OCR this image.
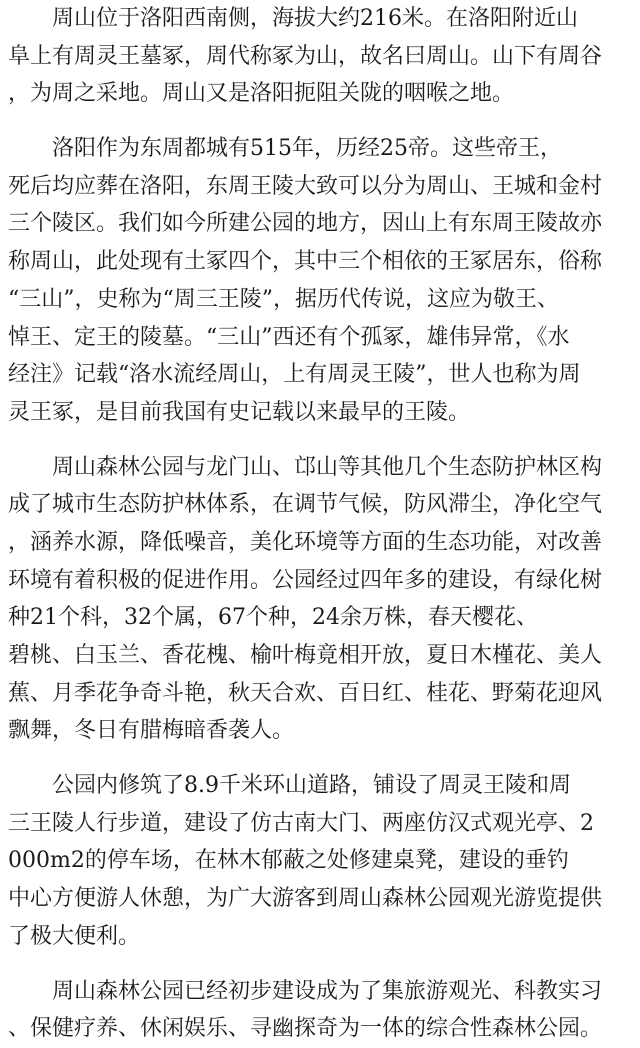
周山位于洛阳西南侧，海拔大约216米。在洛阳附近山
阜上有周灵王墓冢，周代称冢为山，故名曰周山。山下有周谷
，为周之采地。周山又是洛阳扼阻关陇的咽喉之地。
洛阳作为东周都城有515年，历经25帝。这些帝王，
死后均应葬在洛阳，东周王陵大致可以分为周山、王城和金村
三个陵区。我们如今所建公园的地方，因山上有东周王陵故亦
称周山，此处现有土冢四个，其中三个相依的王冢居东，俗称
“三山”，史称为“周三王陵”，据历代传说，这应为敬王、
悼王、定王的陵墓。“三山”西还有个孤冢，雄伟异常，《水
经注》记载“洛水流经周山，上有周灵王陵”，世人也称为周
灵王冢，是目前我国有史记载以来最早的王陵。
周山森林公园与龙门山、邙山等其他几个生态防护林区构
成了城市生态防护林体系，在调节气候，防风滞尘，净化空气
，涵养水源，降低噪音，美化环境等方面的生态功能，对改善
环境有着积极的促进作用。公园经过四年多的建设，有绿化树
种21个科，32个属，67个种，24余万株，春天樱花、
碧桃、白玉兰、香花槐、榆叶梅竟相开放，夏日木槿花、美人
蕉、月季花争奇斗艳，秋天合欢、百日红、桂花、野菊花迎风
飘舞，冬日有腊梅暗香袭人。
公园内修筑了8.9千米环山道路，铺设了周灵王陵和周
三王陵人行步道，建设了仿古南大门、两座仿汉式观光亭、2
000m2的停车场，在林木郁蔽之处修建桌凳，建设的垂钓
中心方便游人休憩，为广大游客到周山森林公园观光游览提供
了极大便利。
周山森林公园已经初步建设成为了集旅游观光、科教实习
、保健疗养、休闲娱乐、寻幽探奇为一体的综合性森林公园。
